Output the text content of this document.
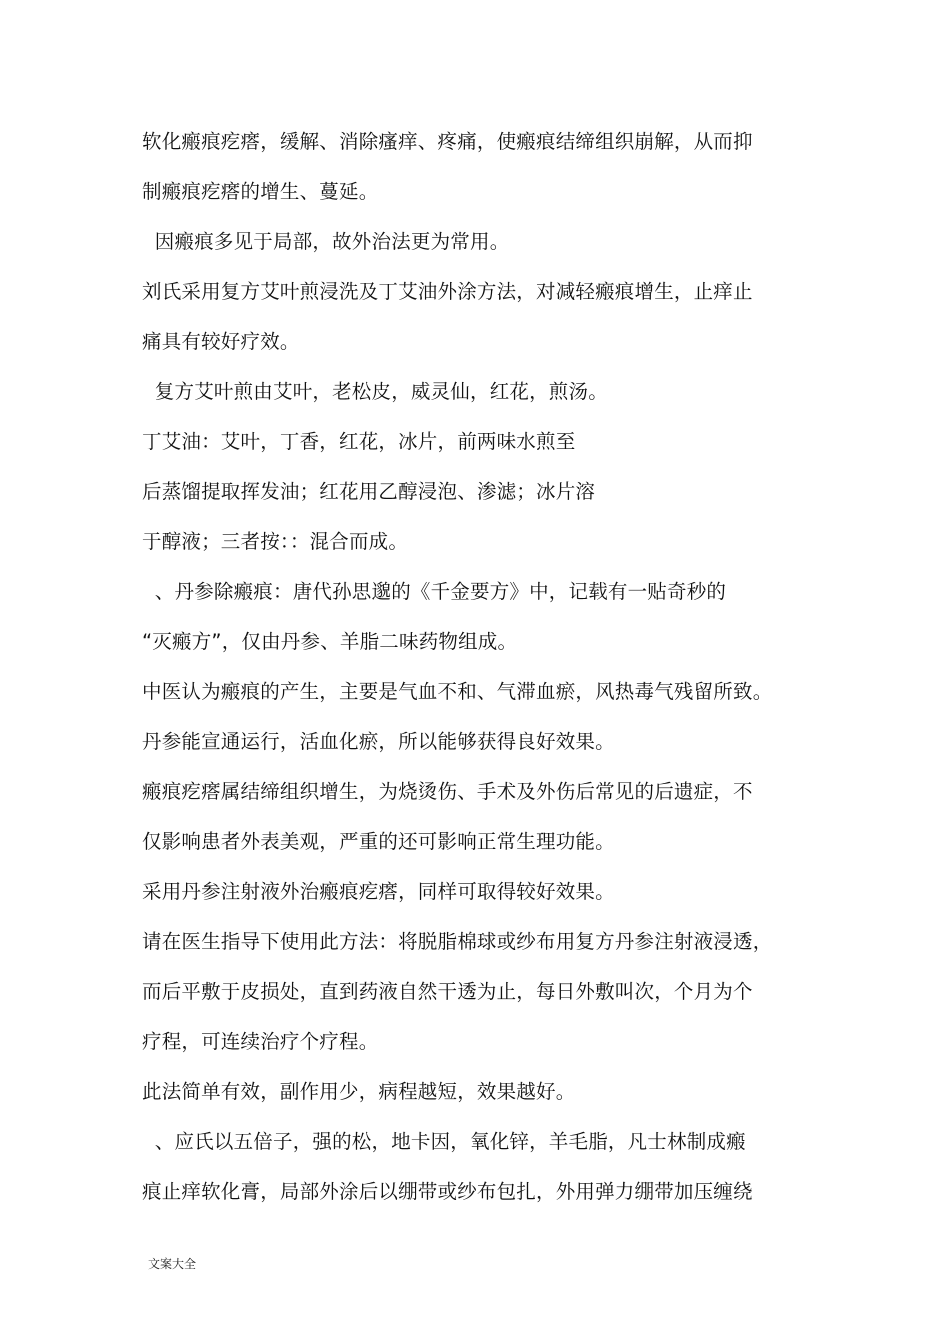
软化瘢痕疙瘩，缓解、消除瘙痒、疼痛，使瘢痕结缔组织崩解，从而抑
制瘢痕疙瘩的增生、蔓延。
因瘢痕多见于局部，故外治法更为常用。
刘氏采用复方艾叶煎浸洗及丁艾油外涂方法，对减轻瘢痕增生，止痒止
痛具有较好疗效。
复方艾叶煎由艾叶，老松皮，威灵仙，红花，煎汤。
丁艾油：艾叶，丁香，红花，冰片，前两味水煎至
后蒸馏提取挥发油；红花用乙醇浸泡、渗滤；冰片溶
于醇液；三者按：：混合而成。
、丹参除瘢痕：唐代孙思邈的《千金要方》中，记载有一贴奇秒的
“灭瘢方”，仅由丹参、羊脂二味药物组成。
中医认为瘢痕的产生，主要是气血不和、气滞血瘀，风热毒气残留所致。
丹参能宣通运行，活血化瘀，所以能够获得良好效果。
瘢痕疙瘩属结缔组织增生，为烧烫伤、手术及外伤后常见的后遗症，不
仅影响患者外表美观，严重的还可影响正常生理功能。
采用丹参注射液外治瘢痕疙瘩，同样可取得较好效果。
请在医生指导下使用此方法：将脱脂棉球或纱布用复方丹参注射液浸透，
而后平敷于皮损处，直到药液自然干透为止，每日外敷叫次，个月为个
疗程，可连续治疗个疗程。
此法简单有效，副作用少，病程越短，效果越好。
、应氏以五倍子，强的松，地卡因，氧化锌，羊毛脂，凡士林制成瘢
痕止痒软化膏，局部外涂后以绷带或纱布包扎，外用弹力绷带加压缠绕
文案大全
